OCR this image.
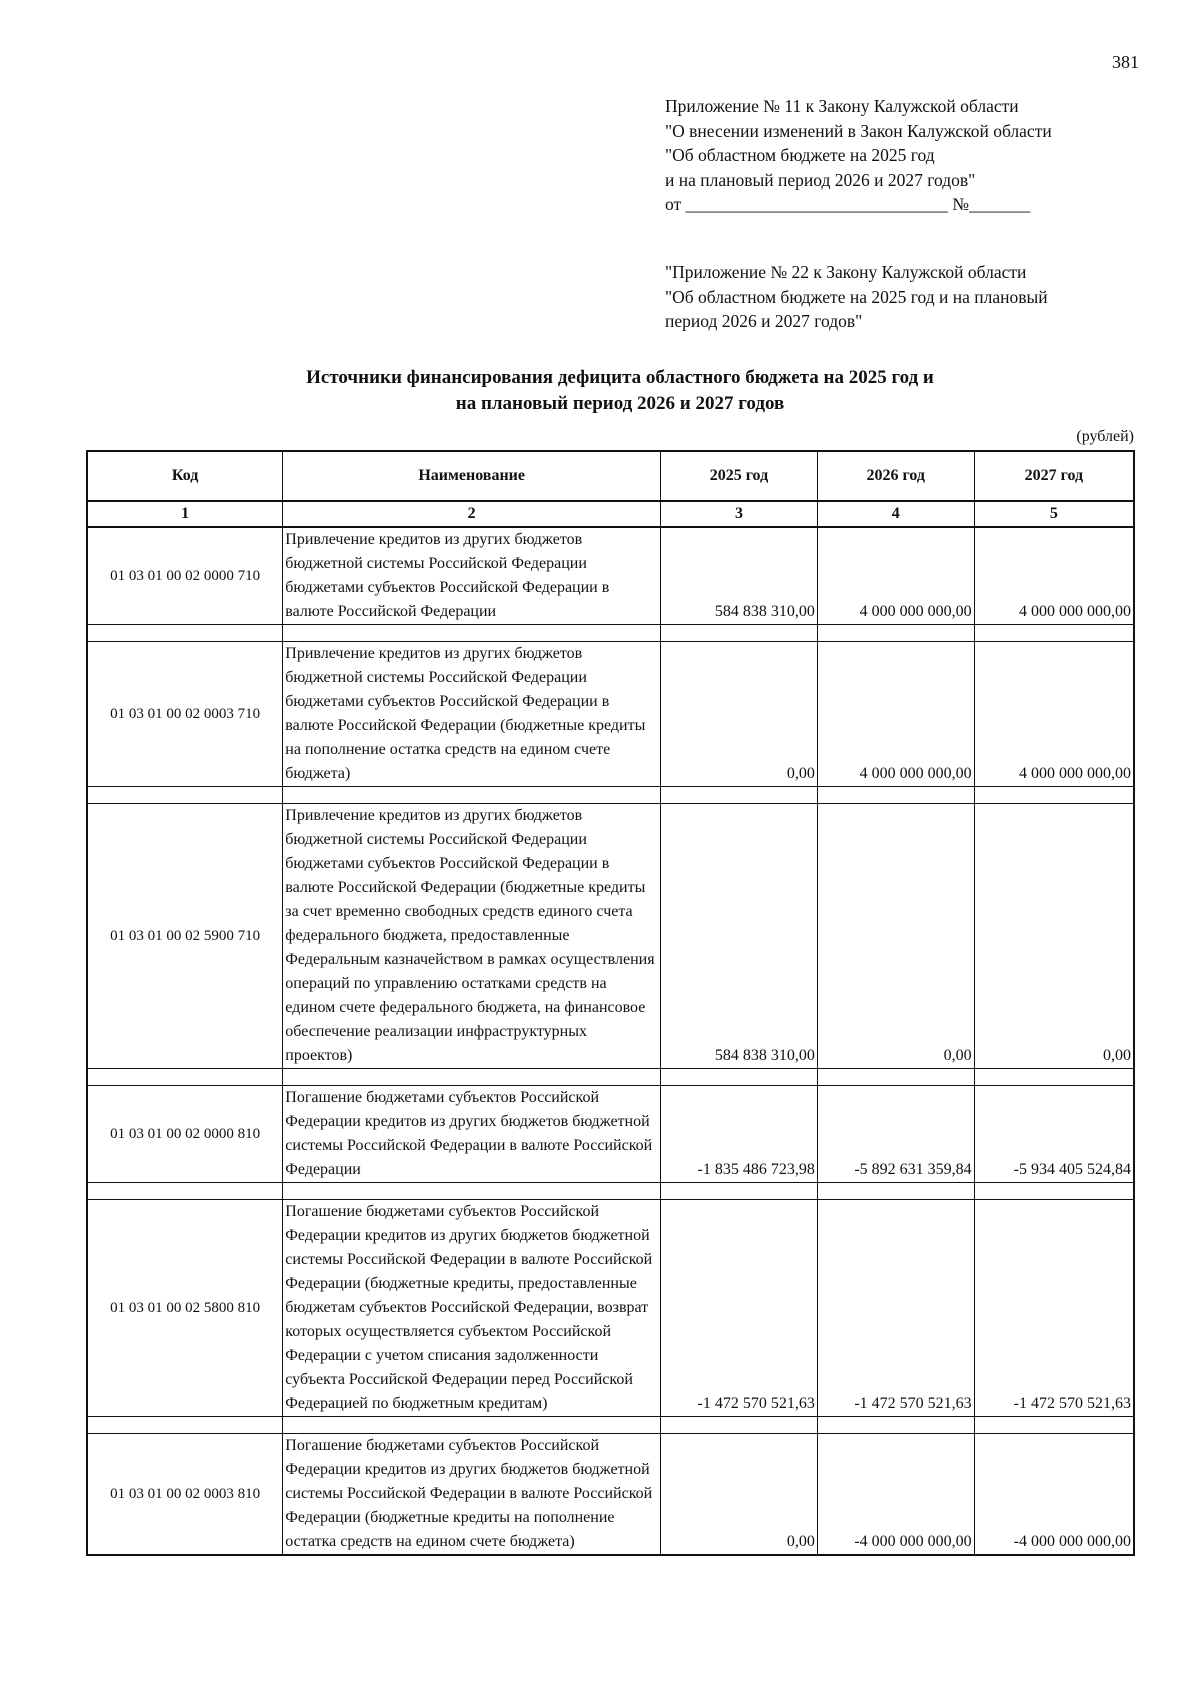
381
Приложение № 11 к Закону Калужской области
"О внесении изменений в Закон Калужской области
"Об областном бюджете на 2025 год
и на плановый период 2026 и 2027 годов"
от ______________________________ №_______
"Приложение № 22 к Закону Калужской области
"Об областном бюджете на 2025 год и на плановый
период 2026 и 2027 годов"
Источники финансирования дефицита областного бюджета на 2025 год и
на плановый период 2026 и 2027 годов
(рублей)
Код	Наименование	2025 год	2026 год	2027 год
1	2	3	4	5
01 03 01 00 02 0000 710	Привлечение кредитов из других бюджетов бюджетной системы Российской Федерации бюджетами субъектов Российской Федерации в валюте Российской Федерации	584 838 310,00	4 000 000 000,00	4 000 000 000,00

01 03 01 00 02 0003 710	Привлечение кредитов из других бюджетов бюджетной системы Российской Федерации бюджетами субъектов Российской Федерации в валюте Российской Федерации (бюджетные кредиты на пополнение остатка средств на едином счете бюджета)	0,00	4 000 000 000,00	4 000 000 000,00

01 03 01 00 02 5900 710	Привлечение кредитов из других бюджетов бюджетной системы Российской Федерации бюджетами субъектов Российской Федерации в валюте Российской Федерации (бюджетные кредиты за счет временно свободных средств единого счета федерального бюджета, предоставленные Федеральным казначейством в рамках осуществления операций по управлению остатками средств на едином счете федерального бюджета, на финансовое обеспечение реализации инфраструктурных проектов)	584 838 310,00	0,00	0,00

01 03 01 00 02 0000 810	Погашение бюджетами субъектов Российской Федерации кредитов из других бюджетов бюджетной системы Российской Федерации в валюте Российской Федерации	-1 835 486 723,98	-5 892 631 359,84	-5 934 405 524,84

01 03 01 00 02 5800 810	Погашение бюджетами субъектов Российской Федерации кредитов из других бюджетов бюджетной системы Российской Федерации в валюте Российской Федерации (бюджетные кредиты, предоставленные бюджетам субъектов Российской Федерации, возврат которых осуществляется субъектом Российской Федерации с учетом списания задолженности субъекта Российской Федерации перед Российской Федерацией по бюджетным кредитам)	-1 472 570 521,63	-1 472 570 521,63	-1 472 570 521,63

01 03 01 00 02 0003 810	Погашение бюджетами субъектов Российской Федерации кредитов из других бюджетов бюджетной системы Российской Федерации в валюте Российской Федерации (бюджетные кредиты на пополнение остатка средств на едином счете бюджета)	0,00	-4 000 000 000,00	-4 000 000 000,00
